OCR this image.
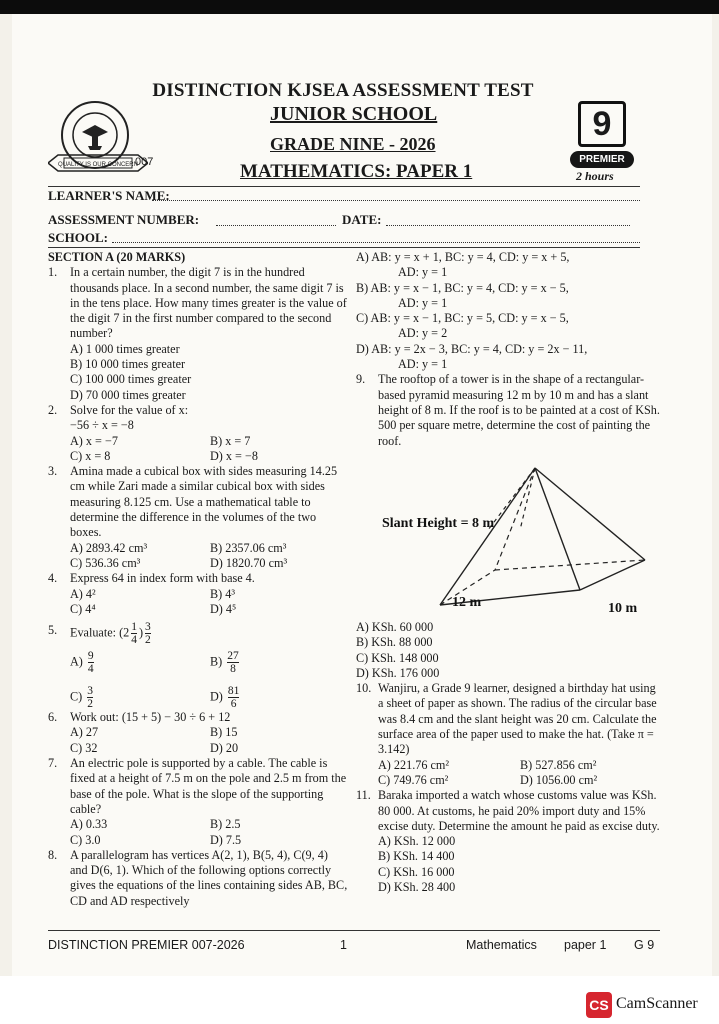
DISTINCTION KJSEA ASSESSMENT TEST
JUNIOR SCHOOL
GRADE NINE - 2026
MATHEMATICS: PAPER 1
QUALITY IS OUR CONCERN
007
9
PREMIER
2 hours
LEARNER'S NAME:
ASSESSMENT NUMBER:	DATE:
SCHOOL:
SECTION A (20 MARKS)
1.	In a certain number, the digit 7 is in the hundred thousands place. In a second number, the same digit 7 is in the tens place. How many times greater is the value of the digit 7 in the first number compared to the second number?
A) 1 000 times greater
B) 10 000 times greater
C) 100 000 times greater
D) 70 000 times greater
2.	Solve for the value of x:
−56 ÷ x = −8
A) x = −7	B) x = 7
C) x = 8	D) x = −8
3.	Amina made a cubical box with sides measuring 14.25 cm while Zari made a similar cubical box with sides measuring 8.125 cm. Use a mathematical table to determine the difference in the volumes of the two boxes.
A) 2893.42 cm³	B) 2357.06 cm³
C) 536.36 cm³	D) 1820.70 cm³
4.	Express 64 in index form with base 4.
A) 4²	B) 4³
C) 4⁴	D) 4⁵
5.	Evaluate: ($2 \frac{1}{4}$ ) $\frac{3}{2}$
$A) \frac{9}{4}$	$B) \frac{27}{8}$
$C) \frac{3}{2}$	$D) \frac{81}{6}$
6.	Work out: (15 + 5) − 30 ÷ 6 + 12
A) 27	B) 15
C) 32	D) 20
7.	An electric pole is supported by a cable. The cable is fixed at a height of 7.5 m on the pole and 2.5 m from the base of the pole. What is the slope of the supporting cable?
A) 0.33	B) 2.5
C) 3.0	D) 7.5
8.	A parallelogram has vertices A(2, 1), B(5, 4), C(9, 4) and D(6, 1). Which of the following options correctly gives the equations of the lines containing sides AB, BC, CD and AD respectively
A) AB: y = x + 1, BC: y = 4, CD: y = x + 5,
AD: y = 1
B) AB: y = x − 1, BC: y = 4, CD: y = x − 5,
AD: y = 1
C) AB: y = x − 1, BC: y = 5, CD: y = x − 5,
AD: y = 2
D) AB: y = 2x − 3, BC: y = 4, CD: y = 2x − 11,
AD: y = 1
9.	The rooftop of a tower is in the shape of a rectangular-based pyramid measuring 12 m by 10 m and has a slant height of 8 m. If the roof is to be painted at a cost of KSh. 500 per square metre, determine the cost of painting the roof.
Slant Height = 8 m
12 m	10 m
A) KSh. 60 000
B) KSh. 88 000
C) KSh. 148 000
D) KSh. 176 000
10. Wanjiru, a Grade 9 learner, designed a birthday hat using a sheet of paper as shown. The radius of the circular base was 8.4 cm and the slant height was 20 cm. Calculate the surface area of the paper used to make the hat. (Take π = 3.142)
A) 221.76 cm²	B) 527.856 cm²
C) 749.76 cm²	D) 1056.00 cm²
11. Baraka imported a watch whose customs value was KSh. 80 000. At customs, he paid 20% import duty and 15% excise duty. Determine the amount he paid as excise duty.
A) KSh. 12 000
B) KSh. 14 400
C) KSh. 16 000
D) KSh. 28 400
DISTINCTION PREMIER 007-2026	1	Mathematics paper 1 G 9
CS CamScanner
